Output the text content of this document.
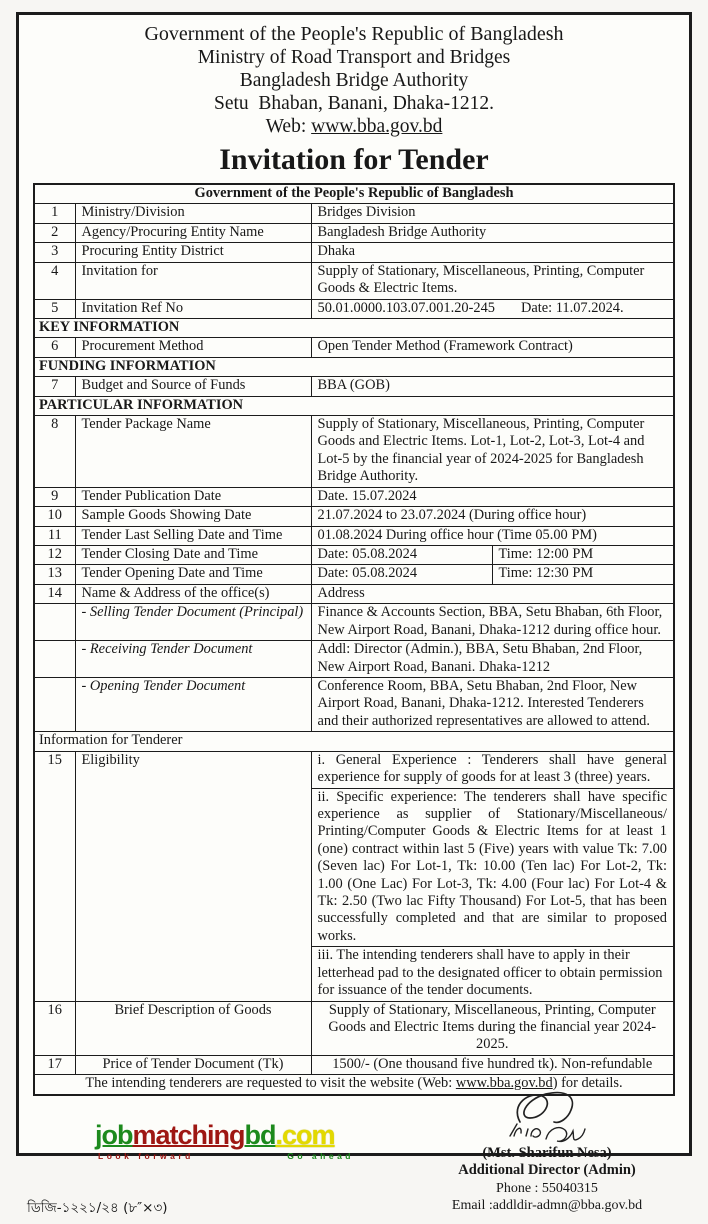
Government of the People's Republic of Bangladesh
Ministry of Road Transport and Bridges
Bangladesh Bridge Authority
Setu  Bhaban, Banani, Dhaka-1212.
Web: www.bba.gov.bd
Invitation for Tender
Government of the People's Republic of Bangladesh			
1	Ministry/Division	Bridges Division	
2	Agency/Procuring Entity Name	Bangladesh Bridge Authority	
3	Procuring Entity District	Dhaka	
4	Invitation for	Supply of Stationary, Miscellaneous, Printing, Computer Goods & Electric Items.	
5	Invitation Ref No	50.01.0000.103.07.001.20-245 Date: 11.07.2024.	

KEY INFORMATION			
6	Procurement Method	Open Tender Method (Framework Contract)	
FUNDING INFORMATION			
7	Budget and Source of Funds	BBA (GOB)	
PARTICULAR INFORMATION			
8	Tender Package Name	Supply of Stationary, Miscellaneous, Printing, Computer Goods and Electric Items. Lot-1, Lot-2, Lot-3, Lot-4 and Lot-5 by the financial year of 2024-2025 for Bangladesh Bridge Authority.	
9	Tender Publication Date	Date. 15.07.2024	
10	Sample Goods Showing Date	21.07.2024 to 23.07.2024 (During office hour)	
11	Tender Last Selling Date and Time	01.08.2024 During office hour (Time 05.00 PM)	
12	Tender Closing Date and Time	Date: 05.08.2024	Time: 12:00 PM
13	Tender Opening Date and Time	Date: 05.08.2024	Time: 12:30 PM
14	Name & Address of the office(s)	Address	
	- Selling Tender Document (Principal)	Finance & Accounts Section, BBA, Setu Bhaban, 6th Floor, New Airport Road, Banani, Dhaka-1212 during office hour.	
	- Receiving Tender Document	Addl: Director (Admin.), BBA, Setu Bhaban, 2nd Floor, New Airport Road, Banani. Dhaka-1212	
	- Opening Tender Document	Conference Room, BBA, Setu Bhaban, 2nd Floor, New Airport Road, Banani, Dhaka-1212. Interested Tenderers and their authorized representatives are allowed to attend.	
Information for Tenderer			
15	Eligibility	i. General Experience : Tenderers shall have general experience for supply of goods for at least 3 (three) years.	
		ii. Specific experience: The tenderers shall have specific experience as supplier of Stationary/Miscellaneous/ Printing/Computer Goods & Electric Items for at least 1 (one) contract within last 5 (Five) years with value Tk: 7.00 (Seven lac) For Lot-1, Tk: 10.00 (Ten lac) For Lot-2, Tk: 1.00 (One Lac) For Lot-3, Tk: 4.00 (Four lac) For Lot-4 & Tk: 2.50 (Two lac Fifty Thousand) For Lot-5, that has been successfully completed and that are similar to proposed works.	
		iii. The intending tenderers shall have to apply in their letterhead pad to the designated officer to obtain permission for issuance of the tender documents.	
16	Brief Description of Goods	Supply of Stationary, Miscellaneous, Printing, Computer Goods and Electric Items during the financial year 2024-2025.	
17	Price of Tender Document (Tk)	1500/- (One thousand five hundred tk). Non-refundable	
The intending tenderers are requested to visit the website (Web: www.bba.gov.bd) for details.			
jobmatchingbd.com
Look forward	Go ahead	(Mst. Sharifun Nesa)
Additional Director (Admin)
Phone : 55040315
Email :addldir-admn@bba.gov.bd
ডিজি-১২২১/২৪ (৮″×৩)
